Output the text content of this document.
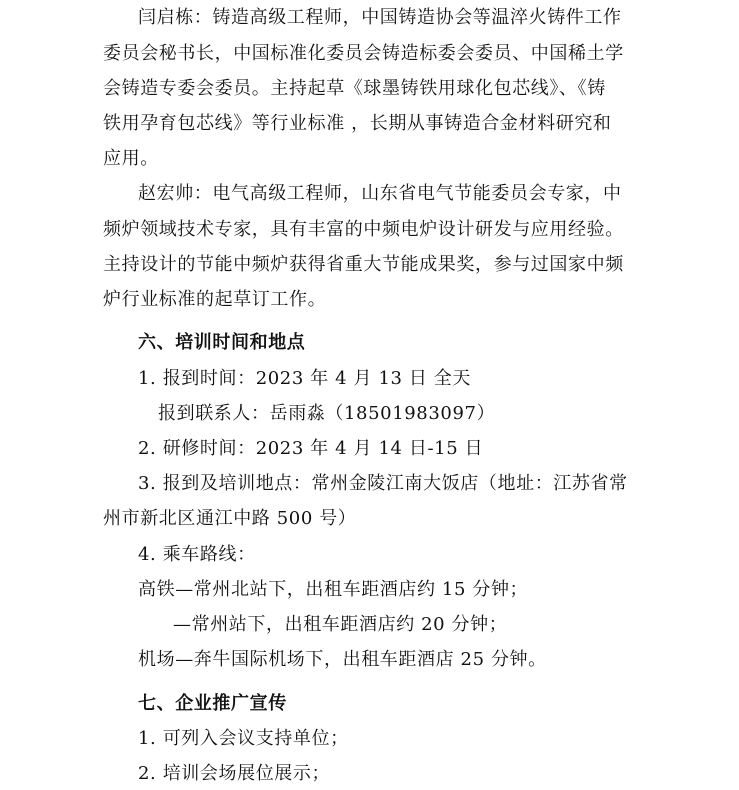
闫启栋：铸造高级工程师，中国铸造协会等温淬火铸件工作
委员会秘书长，中国标准化委员会铸造标委会委员、中国稀土学
会铸造专委会委员。主持起草《球墨铸铁用球化包芯线》、《铸
铁用孕育包芯线》等行业标准 ，长期从事铸造合金材料研究和
应用。
赵宏帅：电气高级工程师，山东省电气节能委员会专家，中
频炉领域技术专家，具有丰富的中频电炉设计研发与应用经验。
主持设计的节能中频炉获得省重大节能成果奖，参与过国家中频
炉行业标准的起草订工作。
六、培训时间和地点
1. 报到时间：2023 年 4 月 13 日 全天
报到联系人：岳雨淼（18501983097）
2. 研修时间：2023 年 4 月 14 日-15 日
3. 报到及培训地点：常州金陵江南大饭店（地址：江苏省常
州市新北区通江中路 500 号）
4. 乘车路线：
高铁—常州北站下，出租车距酒店约 15 分钟；
—常州站下，出租车距酒店约 20 分钟；
机场—奔牛国际机场下，出租车距酒店 25 分钟。
七、企业推广宣传
1. 可列入会议支持单位；
2. 培训会场展位展示；
